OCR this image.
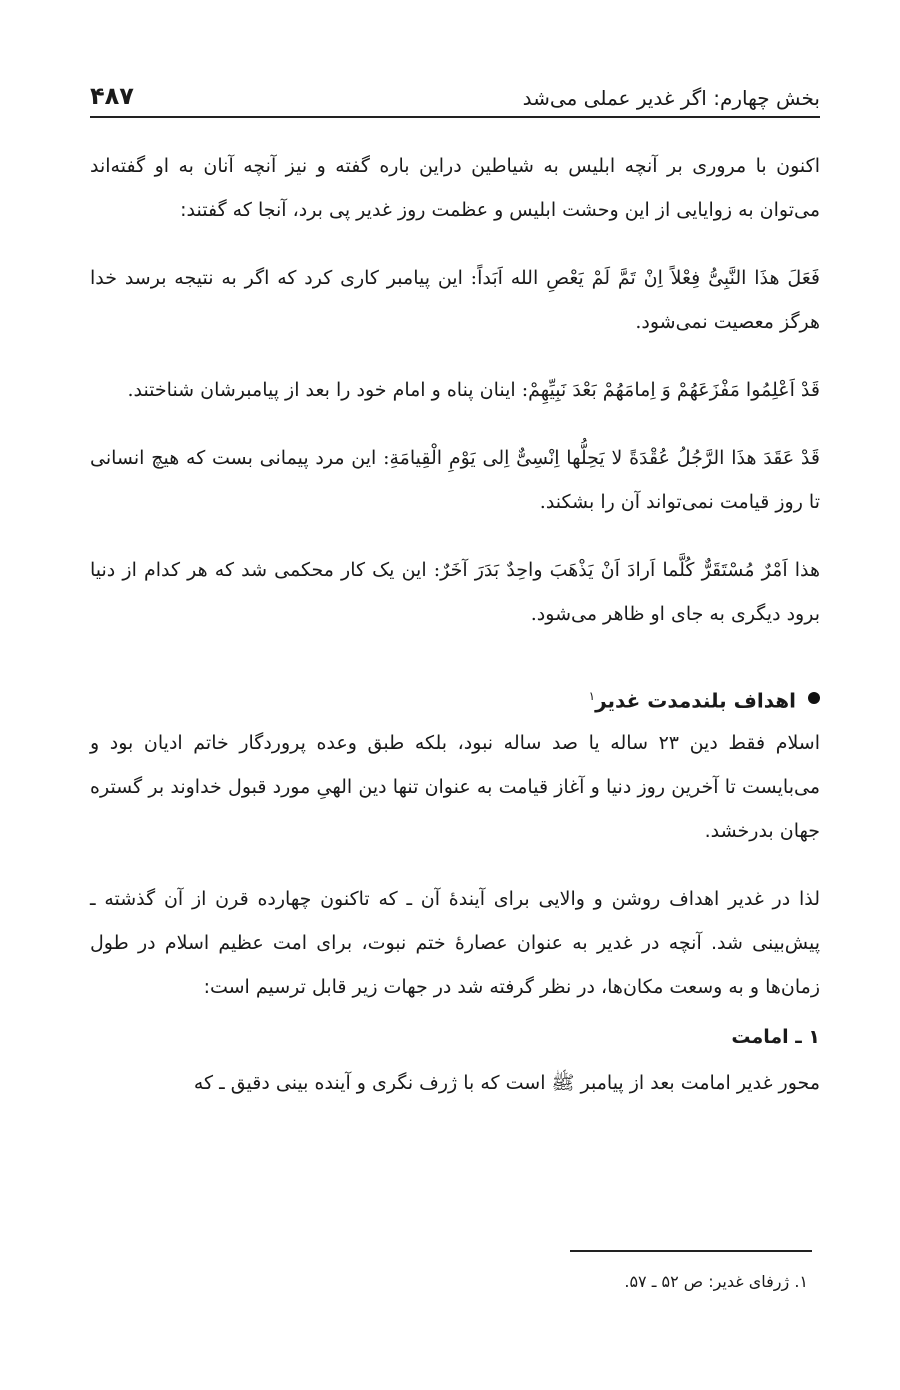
بخش چهارم: اگر غدیر عملی می‌شد
۴۸۷

اکنون با مروری بر آنچه ابلیس به شیاطین دراین باره گفته و نیز آنچه آنان به او گفته‌اند می‌توان به زوایایی از این وحشت ابلیس و عظمت روز غدیر پی برد، آنجا که گفتند:

فَعَلَ هذَا النَّبِیُّ فِعْلاً اِنْ تَمَّ لَمْ یَعْصِ الله اَبَداً: این پیامبر کاری کرد که اگر به نتیجه برسد خدا هرگز معصیت نمی‌شود.

قَدْ اَعْلِمُوا مَفْزَعَهُمْ وَ اِمامَهُمْ بَعْدَ نَبِیِّهِمْ: اینان پناه و امام خود را بعد از پیامبرشان شناختند.

قَدْ عَقَدَ هذَا الرَّجُلُ عُقْدَةً لا یَحِلُّها اِنْسِیٌّ اِلی یَوْمِ الْقِیامَةِ: این مرد پیمانی بست که هیچ انسانی تا روز قیامت نمی‌تواند آن را بشکند.

هذا اَمْرٌ مُسْتَقَرٌّ کُلَّما اَرادَ اَنْ یَذْهَبَ واحِدٌ بَدَرَ آخَرٌ: این یک کار محکمی شد که هر کدام از دنیا برود دیگری به جای او ظاهر می‌شود.

اهداف بلندمدت غدیر$^۱$

اسلام فقط دین ۲۳ ساله یا صد ساله نبود، بلکه طبق وعده پروردگار خاتم ادیان بود و می‌بایست تا آخرین روز دنیا و آغاز قیامت به عنوان تنها دین الهیِ مورد قبول خداوند بر گستره جهان بدرخشد.

لذا در غدیر اهداف روشن و والایی برای آیندهٔ آن ـ که تاکنون چهارده قرن از آن گذشته ـ پیش‌بینی شد. آنچه در غدیر به عنوان عصارهٔ ختم نبوت، برای امت عظیم اسلام در طول زمان‌ها و به وسعت مکان‌ها، در نظر گرفته شد در جهات زیر قابل ترسیم است:

۱ ـ امامت

محور غدیر امامت بعد از پیامبر ﷺ است که با ژرف نگری و آینده بینی دقیق ـ که

۱. ژرفای غدیر: ص ۵۲ ـ ۵۷.
